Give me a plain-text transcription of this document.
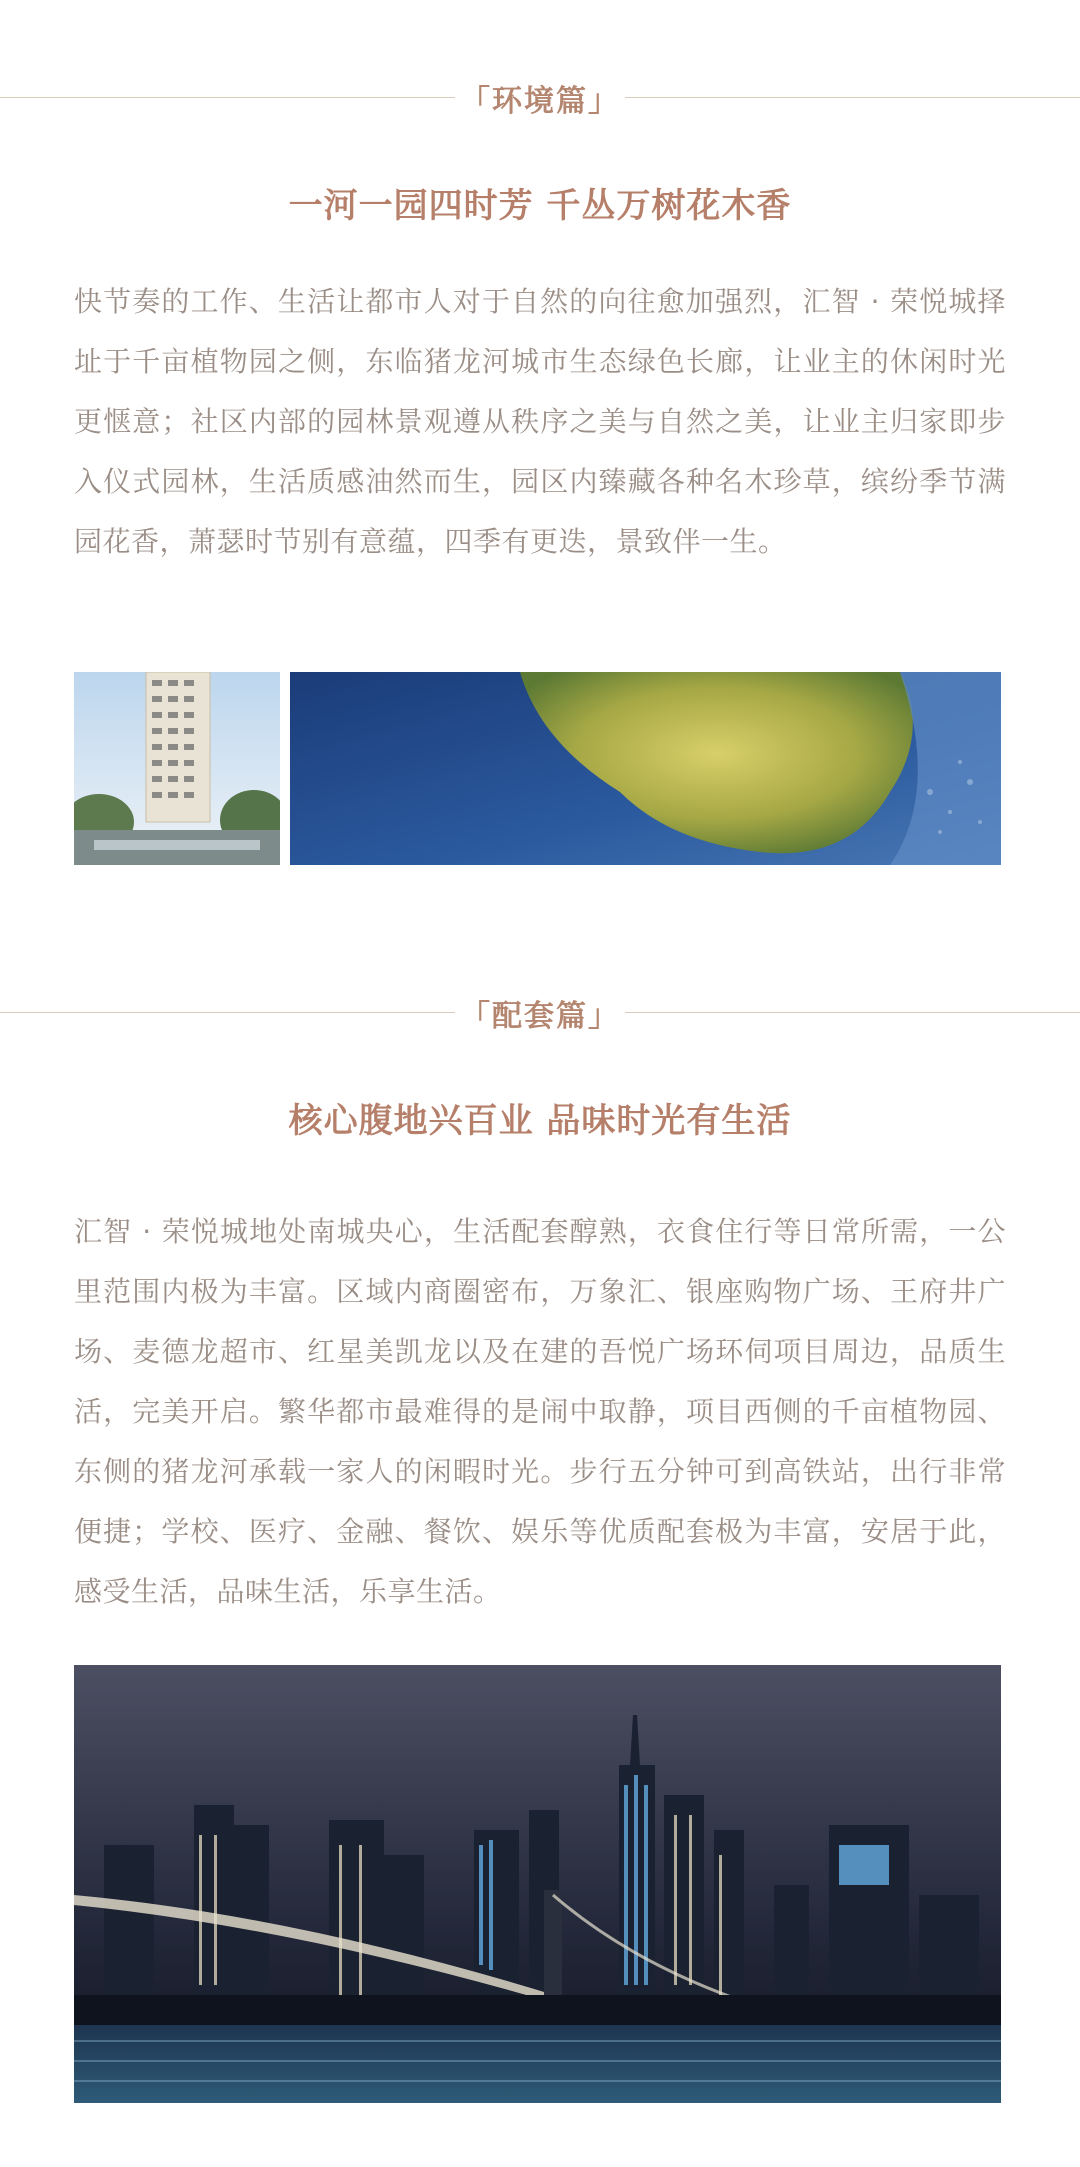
「环境篇」
一河一园四时芳 千丛万树花木香
快节奏的工作、生活让都市人对于自然的向往愈加强烈，汇智 · 荣悦城择址于千亩植物园之侧，东临猪龙河城市生态绿色长廊，让业主的休闲时光更惬意；社区内部的园林景观遵从秩序之美与自然之美，让业主归家即步入仪式园林，生活质感油然而生，园区内臻藏各种名木珍草，缤纷季节满园花香，萧瑟时节别有意蕴，四季有更迭，景致伴一生。
「配套篇」
核心腹地兴百业 品味时光有生活
汇智 · 荣悦城地处南城央心，生活配套醇熟，衣食住行等日常所需，一公里范围内极为丰富。区域内商圈密布，万象汇、银座购物广场、王府井广场、麦德龙超市、红星美凯龙以及在建的吾悦广场环伺项目周边，品质生活，完美开启。繁华都市最难得的是闹中取静，项目西侧的千亩植物园、东侧的猪龙河承载一家人的闲暇时光。步行五分钟可到高铁站，出行非常便捷；学校、医疗、金融、餐饮、娱乐等优质配套极为丰富，安居于此，感受生活，品味生活，乐享生活。
